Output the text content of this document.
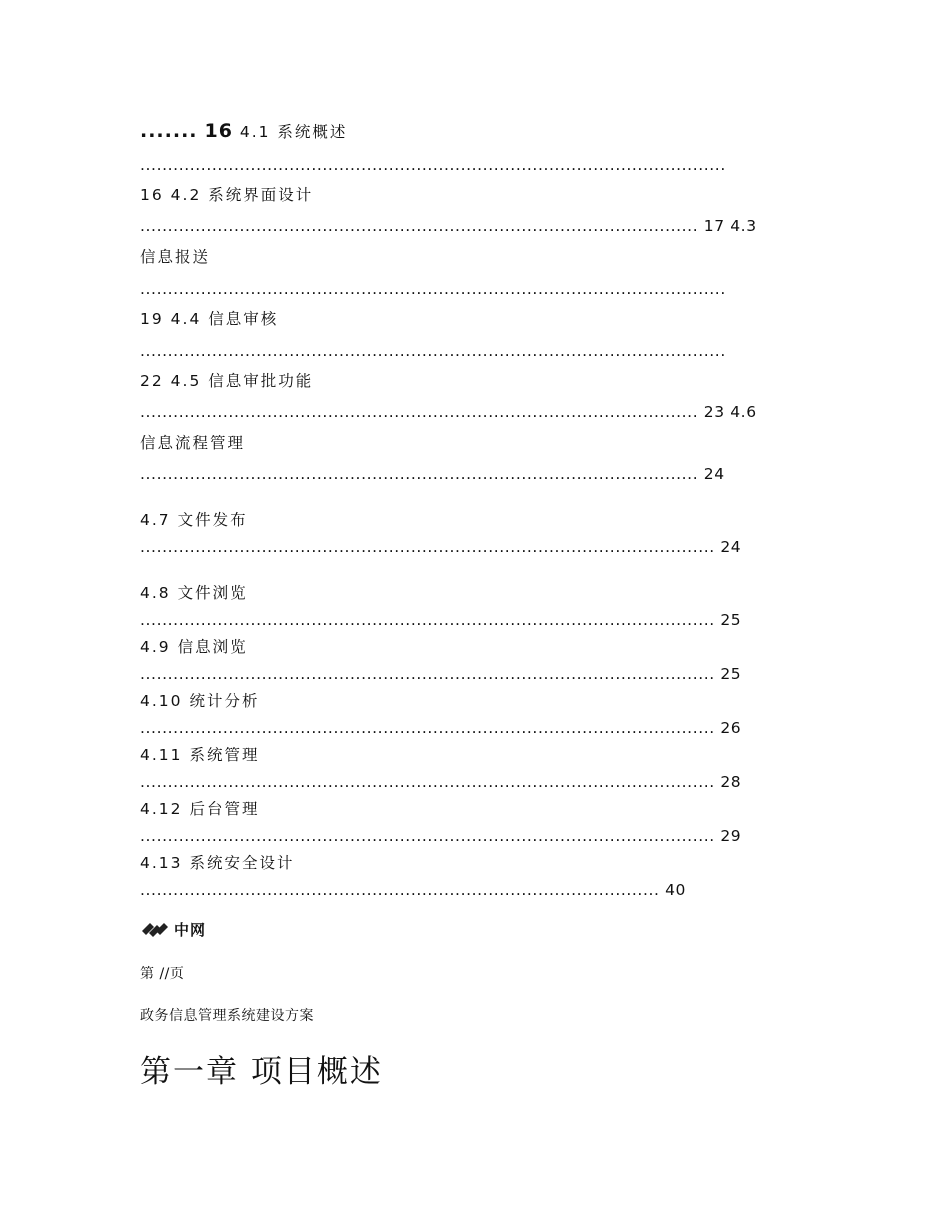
....... 16 4.1 系统概述
..........................................................................................................
16 4.2 系统界面设计
..................................................................................................... 17 4.3
信息报送
..........................................................................................................
19 4.4 信息审核
..........................................................................................................
22 4.5 信息审批功能
..................................................................................................... 23 4.6
信息流程管理
..................................................................................................... 24
4.7 文件发布
........................................................................................................ 24
4.8 文件浏览
........................................................................................................ 25
4.9 信息浏览
........................................................................................................ 25
4.10 统计分析
........................................................................................................ 26
4.11 系统管理
........................................................................................................ 28
4.12 后台管理
........................................................................................................ 29
4.13 系统安全设计
.............................................................................................. 40
中网
第 //页
政务信息管理系统建设方案
第一章 项目概述
